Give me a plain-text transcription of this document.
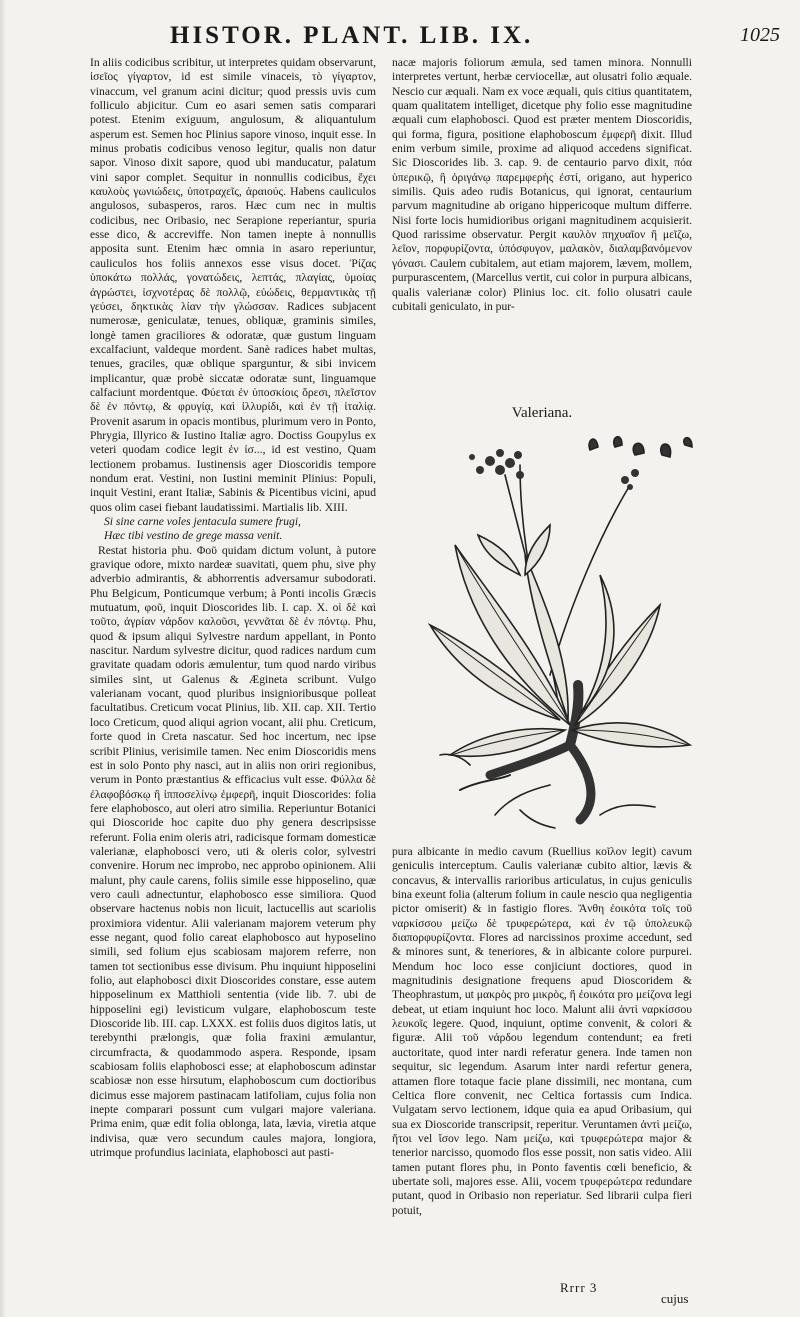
HISTOR. PLANT. LIB. IX.	1025

In aliis codicibus scribitur, ut interpretes quidam observarunt, ἰσεῖος γίγαρτον, id est simile vinaceis, τὸ γίγαρτον, vinaccum, vel granum acini dicitur; quod pressis uvis cum folliculo abjicitur. Cum eo asari semen satis comparari potest. Etenim exiguum, angulosum, & aliquantulum asperum est. Semen hoc Plinius sapore vinoso, inquit esse. In minus probatis codicibus venoso legitur, qualis non datur sapor. Vinoso dixit sapore, quod ubi manducatur, palatum vini sapor complet. Sequitur in nonnullis codicibus, ἔχει καυλοὺς γωνιώδεις, ὑποτραχεῖς, ἀραιούς. Habens cauliculos angulosos, subasperos, raros. Hæc cum nec in multis codicibus, nec Oribasio, nec Serapione reperiantur, spuria esse dico, & accreviffe. Non tamen inepte à nonnullis apposita sunt. Etenim hæc omnia in asaro reperiuntur, cauliculos hos foliis annexos esse visus docet. Ῥίζας ὑποκάτω πολλάς, γονατώδεις, λεπτάς, πλαγίας, ὑμοίας ἀγρώστει, ἰσχνοτέρας δὲ πολλῷ, εὐώδεις, θερμαντικὰς τῇ γεύσει, δηκτικὰς λίαν τὴν γλώσσαν. Radices subjacent numerosæ, geniculatæ, tenues, obliquæ, graminis similes, longè tamen graciliores & odoratæ, quæ gustum linguam excalfaciunt, valdeque mordent. Sanè radices habet multas, tenues, graciles, quæ oblique sparguntur, & sibi invicem implicantur, quæ probè siccatæ odoratæ sunt, linguamque calfaciunt mordentque. Φύεται ἐν ὑποσκίοις ὄρεσι, πλεῖστον δὲ ἐν πόντῳ, & φρυγίᾳ, καὶ ἰλλυρίδι, καὶ ἐν τῇ ἰταλίᾳ. Provenit asarum in opacis montibus, plurimum vero in Ponto, Phrygia, Illyrico & Iustino Italiæ agro. Doctiss Goupylus ex veteri quodam codice legit ἐν ἰσ..., id est vestino, Quam lectionem probamus. Iustinensis ager Dioscoridis tempore nondum erat. Vestini, non Iustini meminit Plinius: Populi, inquit Vestini, erant Italiæ, Sabinis & Picentibus vicini, apud quos olim casei fiebant laudatissimi. Martialis lib. XIII.

Si sine carne voles jentacula sumere frugi,

Hæc tibi vestino de grege massa venit.

Restat historia phu. Φοῦ quidam dictum volunt, à putore gravique odore, mixto nardeæ suavitati, quem phu, sive phy adverbio admirantis, & abhorrentis adversamur subodorati. Phu Belgicum, Ponticumque verbum; à Ponti incolis Græcis mutuatum, φοῦ, inquit Dioscorides lib. I. cap. X. οἱ δὲ καὶ τοῦτο, ἀγρίαν νάρδον καλοῦσι, γεννᾶται δὲ ἐν πόντῳ. Phu, quod & ipsum aliqui Sylvestre nardum appellant, in Ponto nascitur. Nardum sylvestre dicitur, quod radices nardum cum gravitate quadam odoris æmulentur, tum quod nardo viribus similes sint, ut Galenus & Ægineta scribunt. Vulgo valerianam vocant, quod pluribus insignioribusque polleat facultatibus. Creticum vocat Plinius, lib. XII. cap. XII. Tertio loco Creticum, quod aliqui agrion vocant, alii phu. Creticum, forte quod in Creta nascatur. Sed hoc incertum, nec ipse scribit Plinius, verisimile tamen. Nec enim Dioscoridis mens est in solo Ponto phy nasci, aut in aliis non oriri regionibus, verum in Ponto præstantius & efficacius vult esse. Φύλλα δὲ ἐλαφοβόσκῳ ἢ ἱπποσελίνῳ ἐμφερῆ, inquit Dioscorides: folia fere elaphobosco, aut oleri atro similia. Reperiuntur Botanici qui Dioscoride hoc capite duo phy genera descripsisse referunt. Folia enim oleris atri, radicisque formam domesticæ valerianæ, elaphobosci vero, uti & oleris color, sylvestri convenire. Horum nec improbo, nec approbo opinionem. Alii malunt, phy caule carens, foliis simile esse hipposelino, quæ vero cauli adnectuntur, elaphobosco esse similiora. Quod observare hactenus nobis non licuit, lactucellis aut scariolis proximiora videntur. Alii valerianam majorem veterum phy esse negant, quod folio careat elaphobosco aut hyposelino simili, sed folium ejus scabiosam majorem referre, non tamen tot sectionibus esse divisum. Phu inquiunt hipposelini folio, aut elaphobosci dixit Dioscorides constare, esse autem hipposelinum ex Matthioli sententia (vide lib. 7. ubi de hipposelini egi) levisticum vulgare, elaphoboscum teste Dioscoride lib. III. cap. LXXX. est foliis duos digitos latis, ut terebynthi prælongis, quæ folia fraxini æmulantur, circumfracta, & quodammodo aspera. Responde, ipsam scabiosam foliis elaphobosci esse; at elaphoboscum adinstar scabiosæ non esse hirsutum, elaphoboscum cum doctioribus dicimus esse majorem pastinacam latifoliam, cujus folia non inepte comparari possunt cum vulgari majore valeriana. Prima enim, quæ edit folia oblonga, lata, lævia, viretia atque indivisa, quæ vero secundum caules majora, longiora, utrimque profundius laciniata, elaphobosci aut pasti-

nacæ majoris foliorum æmula, sed tamen minora. Nonnulli interpretes vertunt, herbæ cerviocellæ, aut olusatri folio æquale. Nescio cur æquali. Nam ex voce æquali, quis citius quantitatem, quam qualitatem intelliget, dicetque phy folio esse magnitudine æquali cum elaphobosci. Quod est præter mentem Dioscoridis, qui forma, figura, positione elaphoboscum ἐμφερῆ dixit. Illud enim verbum simile, proxime ad aliquod accedens significat. Sic Dioscorides lib. 3. cap. 9. de centaurio parvo dixit, πόα ὑπερικῷ, ἢ ὀριγάνῳ παρεμφερὴς ἐστί, origano, aut hyperico similis. Quis adeo rudis Botanicus, qui ignorat, centaurium parvum magnitudine ab origano hippericoque multum differre. Nisi forte locis humidioribus origani magnitudinem acquisierit. Quod rarissime observatur. Pergit καυλὸν πηχυαῖον ἢ μεῖζω, λεῖον, πορφυρίζοντα, ὑπόσφυγον, μαλακὸν, διαλαμβανόμενον γόνασι. Caulem cubitalem, aut etiam majorem, lævem, mollem, purpurascentem, (Marcellus vertit, cui color in purpura albicans, qualis valerianæ color) Plinius loc. cit. folio olusatri caule cubitali geniculato, in pur-

Valeriana.

pura albicante in medio cavum (Ruellius κοῖλον legit) cavum geniculis interceptum. Caulis valerianæ cubito altior, lævis & concavus, & intervallis rarioribus articulatus, in cujus geniculis bina exeunt folia (alterum folium in caule nescio qua negligentia pictor omiserit) & in fastigio flores. Ἄνθη ἐοικότα τοῖς τοῦ ναρκίσσου μείζω δὲ τρυφερώτερα, καὶ ἐν τῷ ὑπολευκῷ διαπορφυρίζοντα. Flores ad narcissinos proxime accedunt, sed & minores sunt, & teneriores, & in albicante colore purpurei. Mendum hoc loco esse conjiciunt doctiores, quod in magnitudinis designatione frequens apud Dioscoridem & Theophrastum, ut μακρὸς pro μικρὸς, ἢ ἐοικότα pro μείζονα legi debeat, ut etiam inquiunt hoc loco. Malunt alii ἀντὶ ναρκίσσου λευκοῖς legere. Quod, inquiunt, optime convenit, & colori & figuræ. Alii τοῦ νάρδου legendum contendunt; ea freti auctoritate, quod inter nardi referatur genera. Inde tamen non sequitur, sic legendum. Asarum inter nardi refertur genera, attamen flore totaque facie plane dissimili, nec montana, cum Celtica flore convenit, nec Celtica fortassis cum Indica. Vulgatam servo lectionem, idque quia ea apud Oribasium, qui sua ex Dioscoride transcripsit, reperitur. Veruntamen ἀντὶ μείζω, ἤτοι vel ἴσον lego. Nam μείζω, καὶ τρυφερώτερα major & tenerior narcisso, quomodo flos esse possit, non satis video. Alii tamen putant flores phu, in Ponto faventis cœli beneficio, & ubertate soli, majores esse. Alii, vocem τρυφερώτερα redundare putant, quod in Oribasio non reperiatur. Sed librarii culpa fieri potuit,

Rrrr 3
cujus
